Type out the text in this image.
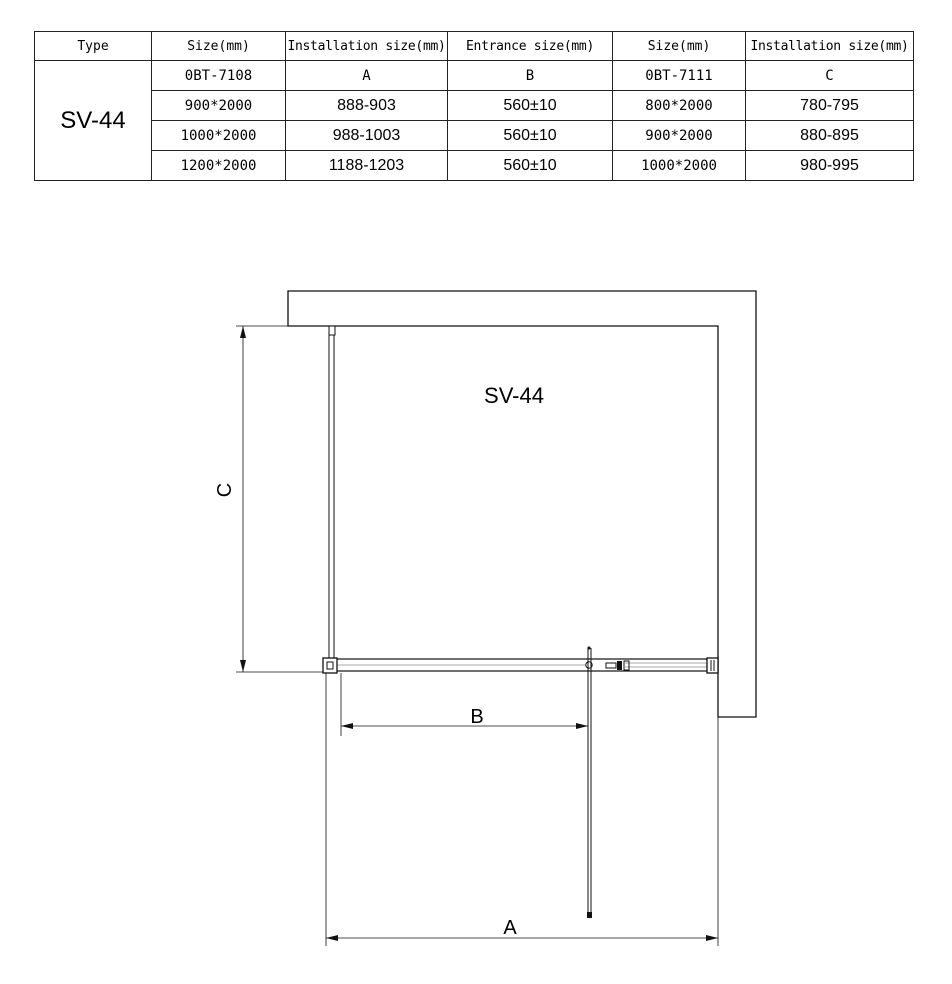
Type	Size(mm)	Installation size(mm)	Entrance size(mm)	Size(mm)	Installation size(mm)
SV-44	0BT-7108	A	B	0BT-7111	C
	900*2000	888-903	560±10	800*2000	780-795
	1000*2000	988-1003	560±10	900*2000	880-895
	1200*2000	1188-1203	560±10	1000*2000	980-995
C
B
A
SV-44
